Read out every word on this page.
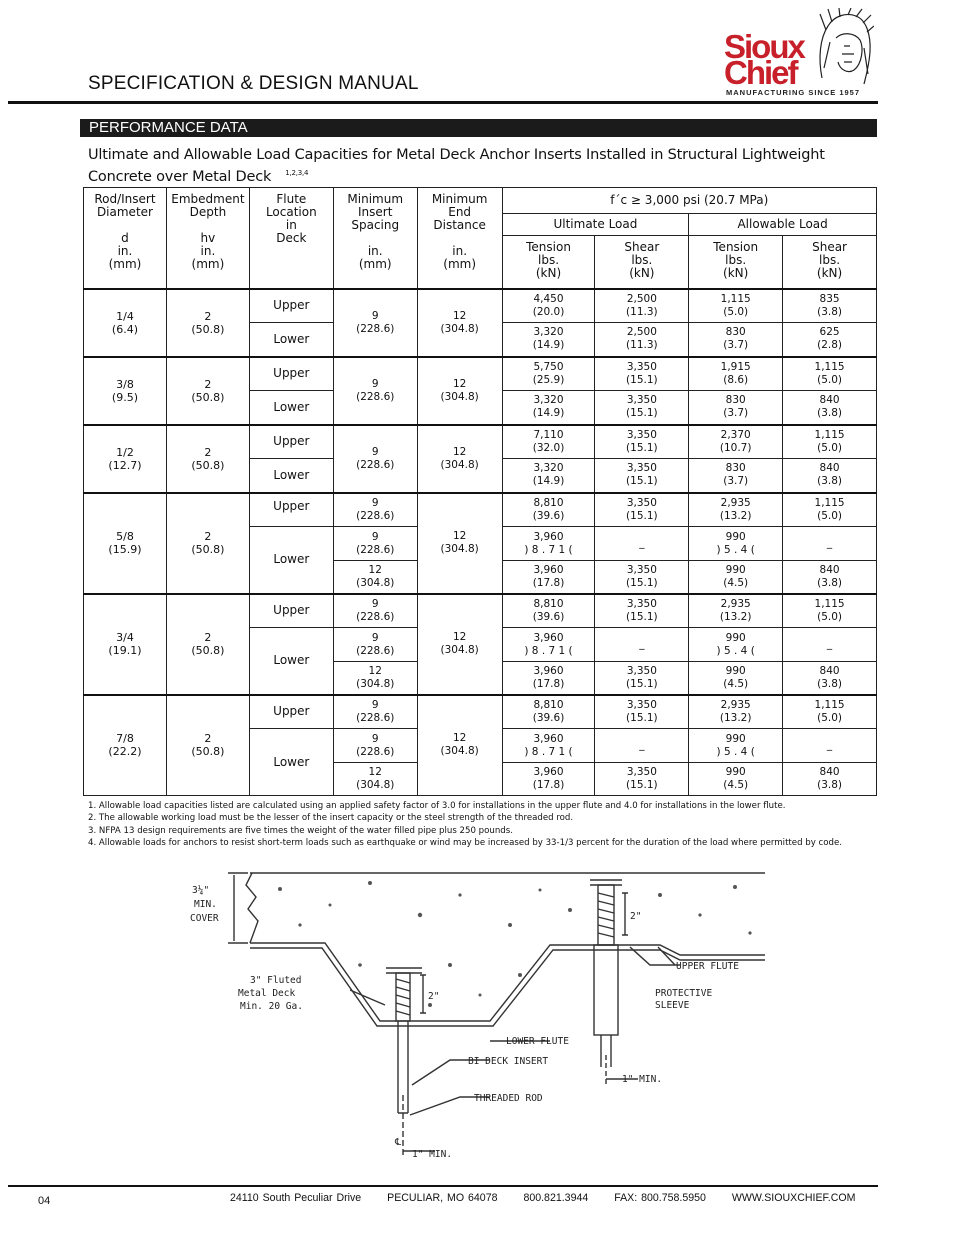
SPECIFICATION & DESIGN MANUAL
Sioux
Chief
MANUFACTURING SINCE 1957
PERFORMANCE DATA
Ultimate and Allowable Load Capacities for Metal Deck Anchor Inserts Installed in Structural Lightweight Concrete over Metal Deck $^{1,2,3,4}$
Rod/Insert
Diameter

d
in.
(mm)	Embedment
Depth

hv
in.
(mm)	Flute
Location
in
Deck	Minimum
Insert
Spacing

in.
(mm)	Minimum
End
Distance

in.
(mm)	f´c ≥ 3,000 psi (20.7 MPa)			
					Ultimate Load		Allowable Load	

					Tension
lbs.
(kN)	Shear
lbs.
(kN)	Tension
lbs.
(kN)	Shear
lbs.
(kN)

1/4
(6.4)	2
(50.8)	Upper	9
(228.6)	12
(304.8)	4,450
(20.0)	2,500
(11.3)	1,115
(5.0)	835
(3.8)

		Lower			3,320
(14.9)	2,500
(11.3)	830
(3.7)	625
(2.8)

3/8
(9.5)	2
(50.8)	Upper	9
(228.6)	12
(304.8)	5,750
(25.9)	3,350
(15.1)	1,915
(8.6)	1,115
(5.0)

		Lower			3,320
(14.9)	3,350
(15.1)	830
(3.7)	840
(3.8)

1/2
(12.7)	2
(50.8)	Upper	9
(228.6)	12
(304.8)	7,110
(32.0)	3,350
(15.1)	2,370
(10.7)	1,115
(5.0)

		Lower			3,320
(14.9)	3,350
(15.1)	830
(3.7)	840
(3.8)

5/8
(15.9)	2
(50.8)	Upper	9
(228.6)	12
(304.8)	8,810
(39.6)	3,350
(15.1)	2,935
(13.2)	1,115
(5.0)

		Lower	9
(228.6)		3,960
) 8 . 7 1 (	_	990
) 5 . 4 (	_

			12
(304.8)		3,960
(17.8)	3,350
(15.1)	990
(4.5)	840
(3.8)

3/4
(19.1)	2
(50.8)	Upper	9
(228.6)	12
(304.8)	8,810
(39.6)	3,350
(15.1)	2,935
(13.2)	1,115
(5.0)

		Lower	9
(228.6)		3,960
) 8 . 7 1 (	_	990
) 5 . 4 (	_

			12
(304.8)		3,960
(17.8)	3,350
(15.1)	990
(4.5)	840
(3.8)

7/8
(22.2)	2
(50.8)	Upper	9
(228.6)	12
(304.8)	8,810
(39.6)	3,350
(15.1)	2,935
(13.2)	1,115
(5.0)

		Lower	9
(228.6)		3,960
) 8 . 7 1 (	_	990
) 5 . 4 (	_

			12
(304.8)		3,960
(17.8)	3,350
(15.1)	990
(4.5)	840
(3.8)
1. Allowable load capacities listed are calculated using an applied safety factor of 3.0 for installations in the upper flute and 4.0 for installations in the lower flute.
2. The allowable working load must be the lesser of the insert capacity or the steel strength of the threaded rod.
3. NFPA 13 design requirements are five times the weight of the water filled pipe plus 250 pounds.
4. Allowable loads for anchors to resist short-term loads such as earthquake or wind may be increased by 33-1/3 percent for the duration of the load where permitted by code.
3¼"
MIN.
COVER
3" Fluted
Metal Deck
Min. 20 Ga.
UPPER FLUTE
PROTECTIVE
SLEEVE
LOWER FLUTE
BI DECK INSERT
THREADED ROD
1" MIN.
1" MIN.
2"
2"
℄
04	24110 South Peculiar Drive PECULIAR, MO 64078 800.821.3944 FAX: 800.758.5950 WWW.SIOUXCHIEF.COM
